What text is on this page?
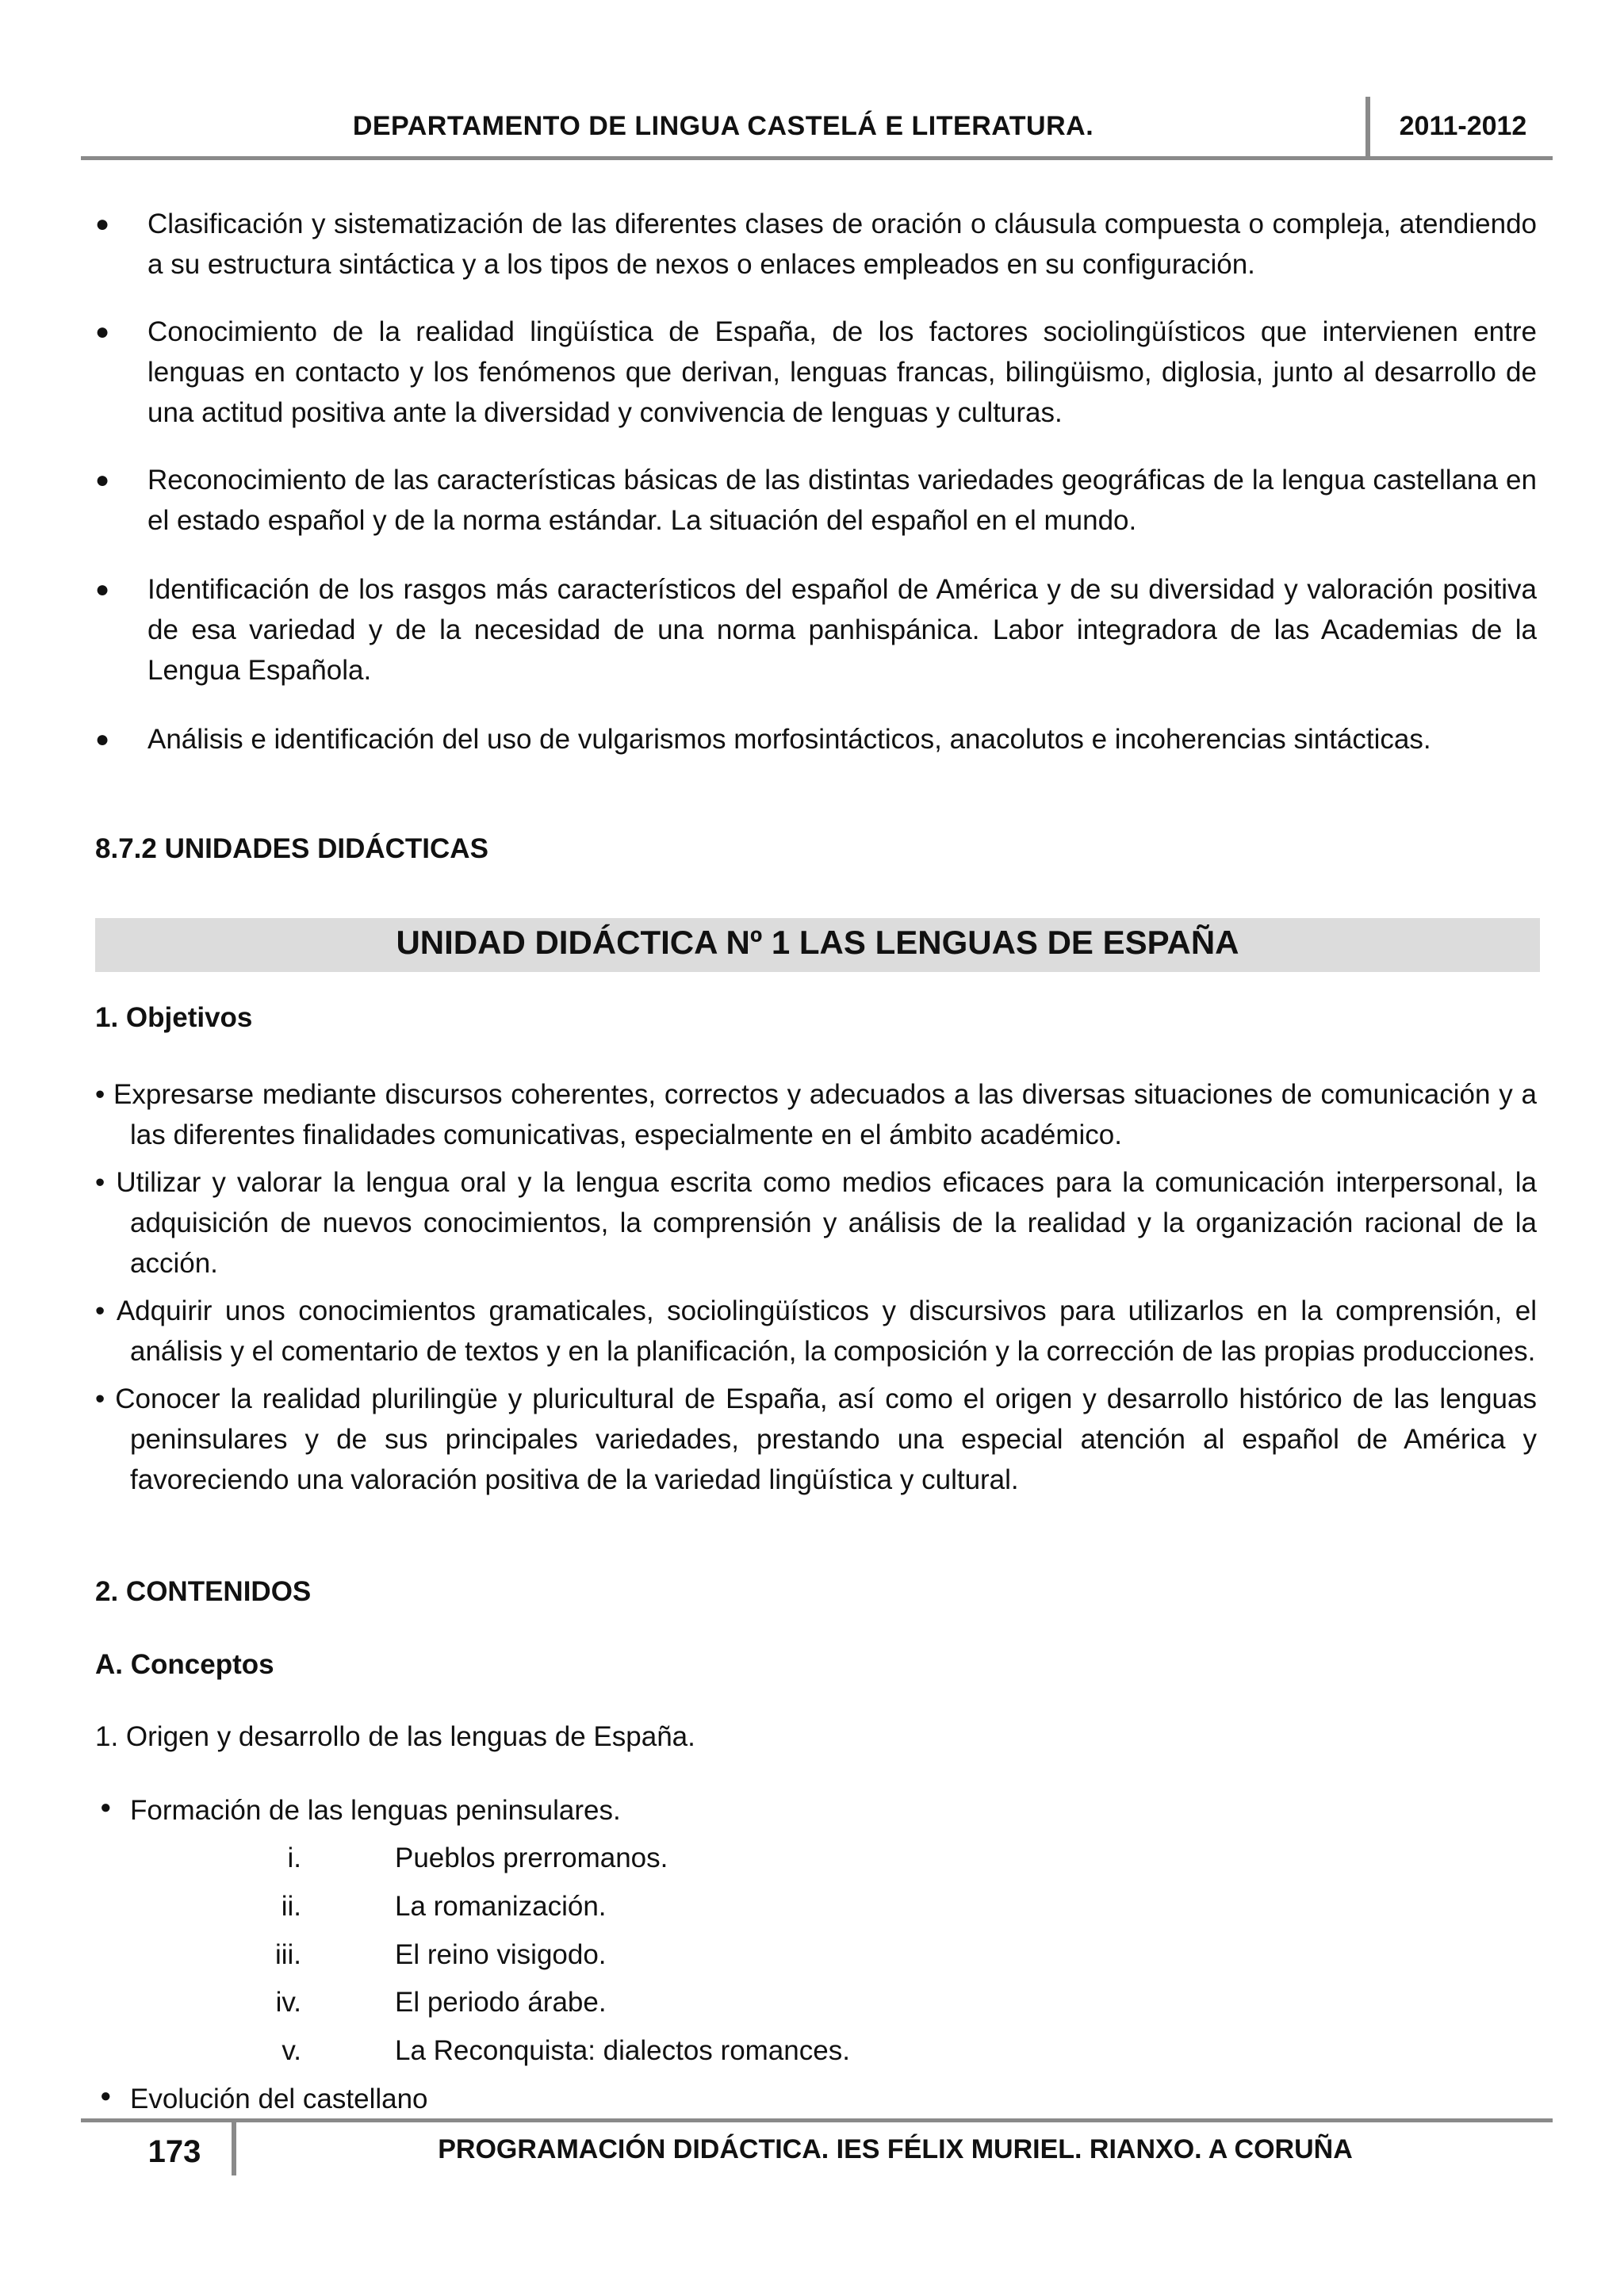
DEPARTAMENTO DE LINGUA CASTELÁ E LITERATURA.	2011-2012
●	Clasificación y sistematización de las diferentes clases de oración o cláusula compuesta o compleja, atendiendo a su estructura sintáctica y a los tipos de nexos o enlaces empleados en su configuración.
●	Conocimiento de la realidad lingüística de España, de los factores sociolingüísticos que intervienen entre lenguas en contacto y los fenómenos que derivan, lenguas francas, bilingüismo, diglosia, junto al desarrollo de una actitud positiva ante la diversidad y convivencia de lenguas y culturas.
●	Reconocimiento de las características básicas de las distintas variedades geográficas de la lengua castellana en el estado español y de la norma estándar. La situación del español en el mundo.
●	Identificación de los rasgos más característicos del español de América y de su diversidad y valoración positiva de esa variedad y de la necesidad de una norma panhispánica. Labor integradora de las Academias de la Lengua Española.
●	Análisis e identificación del uso de vulgarismos morfosintácticos, anacolutos e incoherencias sintácticas.
8.7.2 UNIDADES DIDÁCTICAS
UNIDAD DIDÁCTICA Nº 1 LAS LENGUAS DE ESPAÑA
1. Objetivos
• Expresarse mediante discursos coherentes, correctos y adecuados a las diversas situaciones de comunicación y a las diferentes finalidades comunicativas, especialmente en el ámbito académico.
• Utilizar y valorar la lengua oral y la lengua escrita como medios eficaces para la comunicación interpersonal, la adquisición de nuevos conocimientos, la comprensión y análisis de la realidad y la organización racional de la acción.
• Adquirir unos conocimientos gramaticales, sociolingüísticos y discursivos para utilizarlos en la comprensión, el análisis y el comentario de textos y en la planificación, la composición y la corrección de las propias producciones.
• Conocer la realidad plurilingüe y pluricultural de España, así como el origen y desarrollo histórico de las lenguas peninsulares y de sus principales variedades, prestando una especial atención al español de América y favoreciendo una valoración positiva de la variedad lingüística y cultural.
2. CONTENIDOS
A. Conceptos
1. Origen y desarrollo de las lenguas de España.
● Formación de las lenguas peninsulares.
i.	Pueblos prerromanos.
ii.	La romanización.
iii.	El reino visigodo.
iv.	El periodo árabe.
v.	La Reconquista: dialectos romances.
● Evolución del castellano
173	PROGRAMACIÓN DIDÁCTICA. IES FÉLIX MURIEL. RIANXO. A CORUÑA
